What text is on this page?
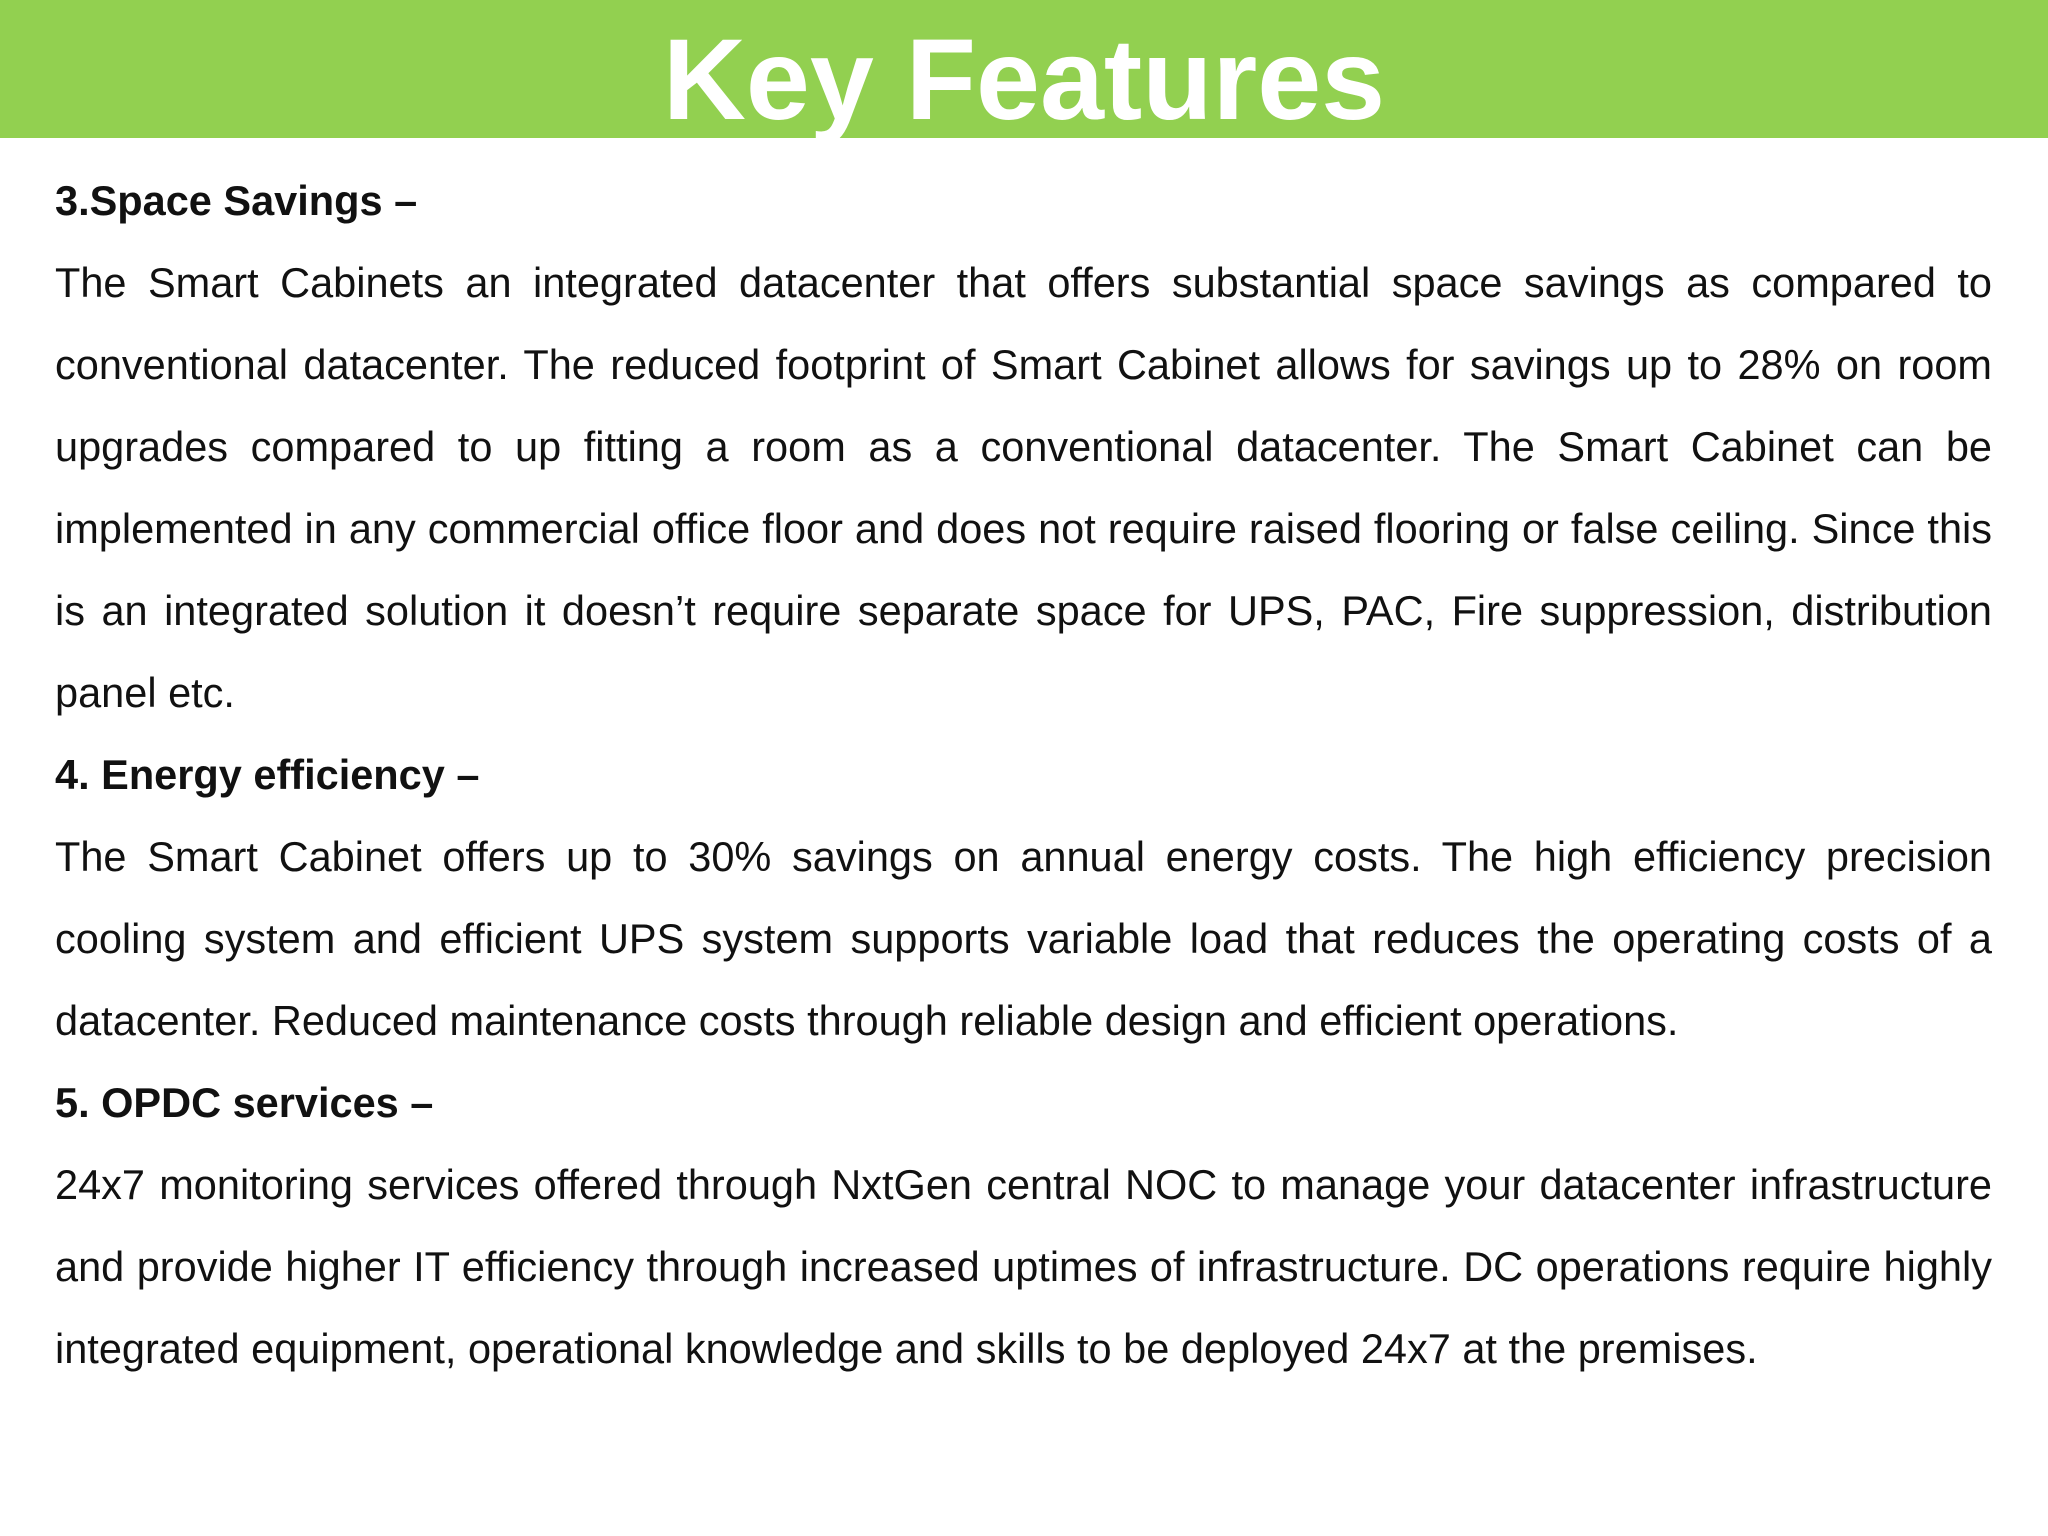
Key Features
3.Space Savings –

The Smart Cabinets an integrated datacenter that offers substantial space savings as compared to conventional datacenter. The reduced footprint of Smart Cabinet allows for savings up to 28% on room upgrades compared to up fitting a room as a conventional datacenter. The Smart Cabinet can be implemented in any commercial office floor and does not require raised flooring or false ceiling. Since this is an integrated solution it doesn’t require separate space for UPS, PAC, Fire suppression, distribution panel etc.

4. Energy efficiency –

The Smart Cabinet offers up to 30% savings on annual energy costs. The high efficiency precision cooling system and efficient UPS system supports variable load that reduces the operating costs of a datacenter. Reduced maintenance costs through reliable design and efficient operations.

5. OPDC services –

24x7 monitoring services offered through NxtGen central NOC to manage your datacenter infrastructure and provide higher IT efficiency through increased uptimes of infrastructure. DC operations require highly integrated equipment, operational knowledge and skills to be deployed 24x7 at the premises.
